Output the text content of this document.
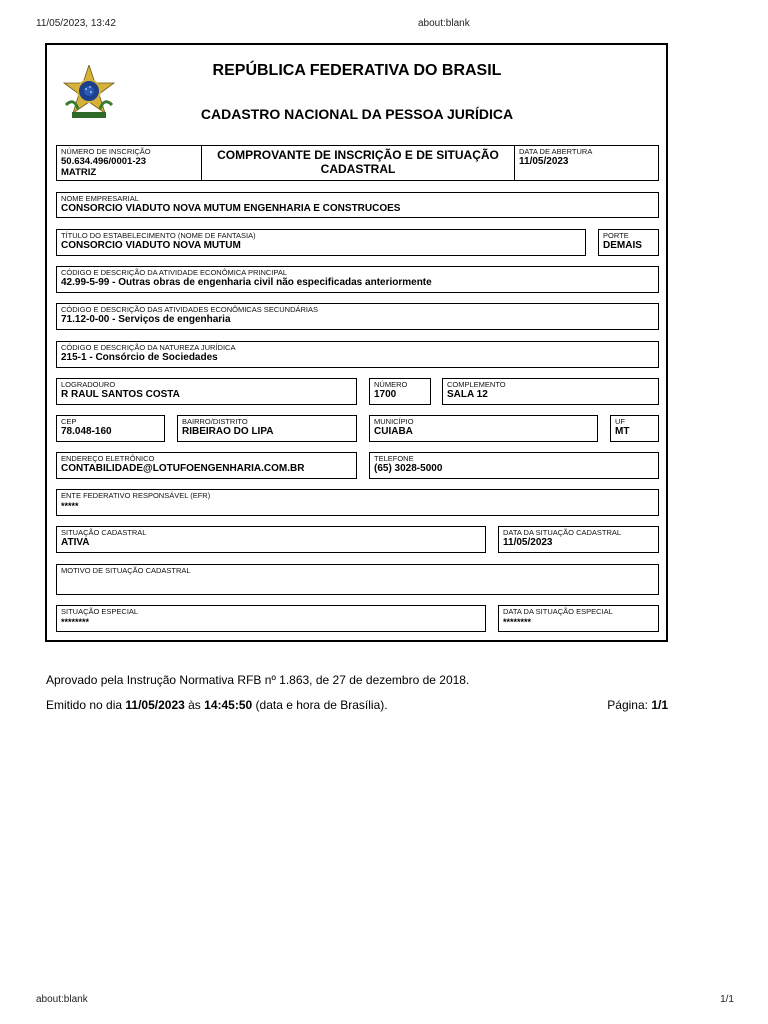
11/05/2023, 13:42	about:blank
REPÚBLICA FEDERATIVA DO BRASIL
CADASTRO NACIONAL DA PESSOA JURÍDICA
NÚMERO DE INSCRIÇÃO
50.634.496/0001-23
MATRIZ
COMPROVANTE DE INSCRIÇÃO E DE SITUAÇÃO
CADASTRAL
DATA DE ABERTURA
11/05/2023
NOME EMPRESARIAL
CONSORCIO VIADUTO NOVA MUTUM ENGENHARIA E CONSTRUCOES
TÍTULO DO ESTABELECIMENTO (NOME DE FANTASIA)
CONSORCIO VIADUTO NOVA MUTUM
PORTE
DEMAIS
CÓDIGO E DESCRIÇÃO DA ATIVIDADE ECONÔMICA PRINCIPAL
42.99-5-99 - Outras obras de engenharia civil não especificadas anteriormente
CÓDIGO E DESCRIÇÃO DAS ATIVIDADES ECONÔMICAS SECUNDÁRIAS
71.12-0-00 - Serviços de engenharia
CÓDIGO E DESCRIÇÃO DA NATUREZA JURÍDICA
215-1 - Consórcio de Sociedades
LOGRADOURO
R RAUL SANTOS COSTA
NÚMERO
1700
COMPLEMENTO
SALA 12
CEP
78.048-160
BAIRRO/DISTRITO
RIBEIRAO DO LIPA
MUNICÍPIO
CUIABA
UF
MT
ENDEREÇO ELETRÔNICO
CONTABILIDADE@LOTUFOENGENHARIA.COM.BR
TELEFONE
(65) 3028-5000
ENTE FEDERATIVO RESPONSÁVEL (EFR)
*****
SITUAÇÃO CADASTRAL
ATIVA
DATA DA SITUAÇÃO CADASTRAL
11/05/2023
MOTIVO DE SITUAÇÃO CADASTRAL
SITUAÇÃO ESPECIAL
********
DATA DA SITUAÇÃO ESPECIAL
********
Aprovado pela Instrução Normativa RFB nº 1.863, de 27 de dezembro de 2018.
Emitido no dia 11/05/2023 às 14:45:50 (data e hora de Brasília).	Página: 1/1
about:blank	1/1
